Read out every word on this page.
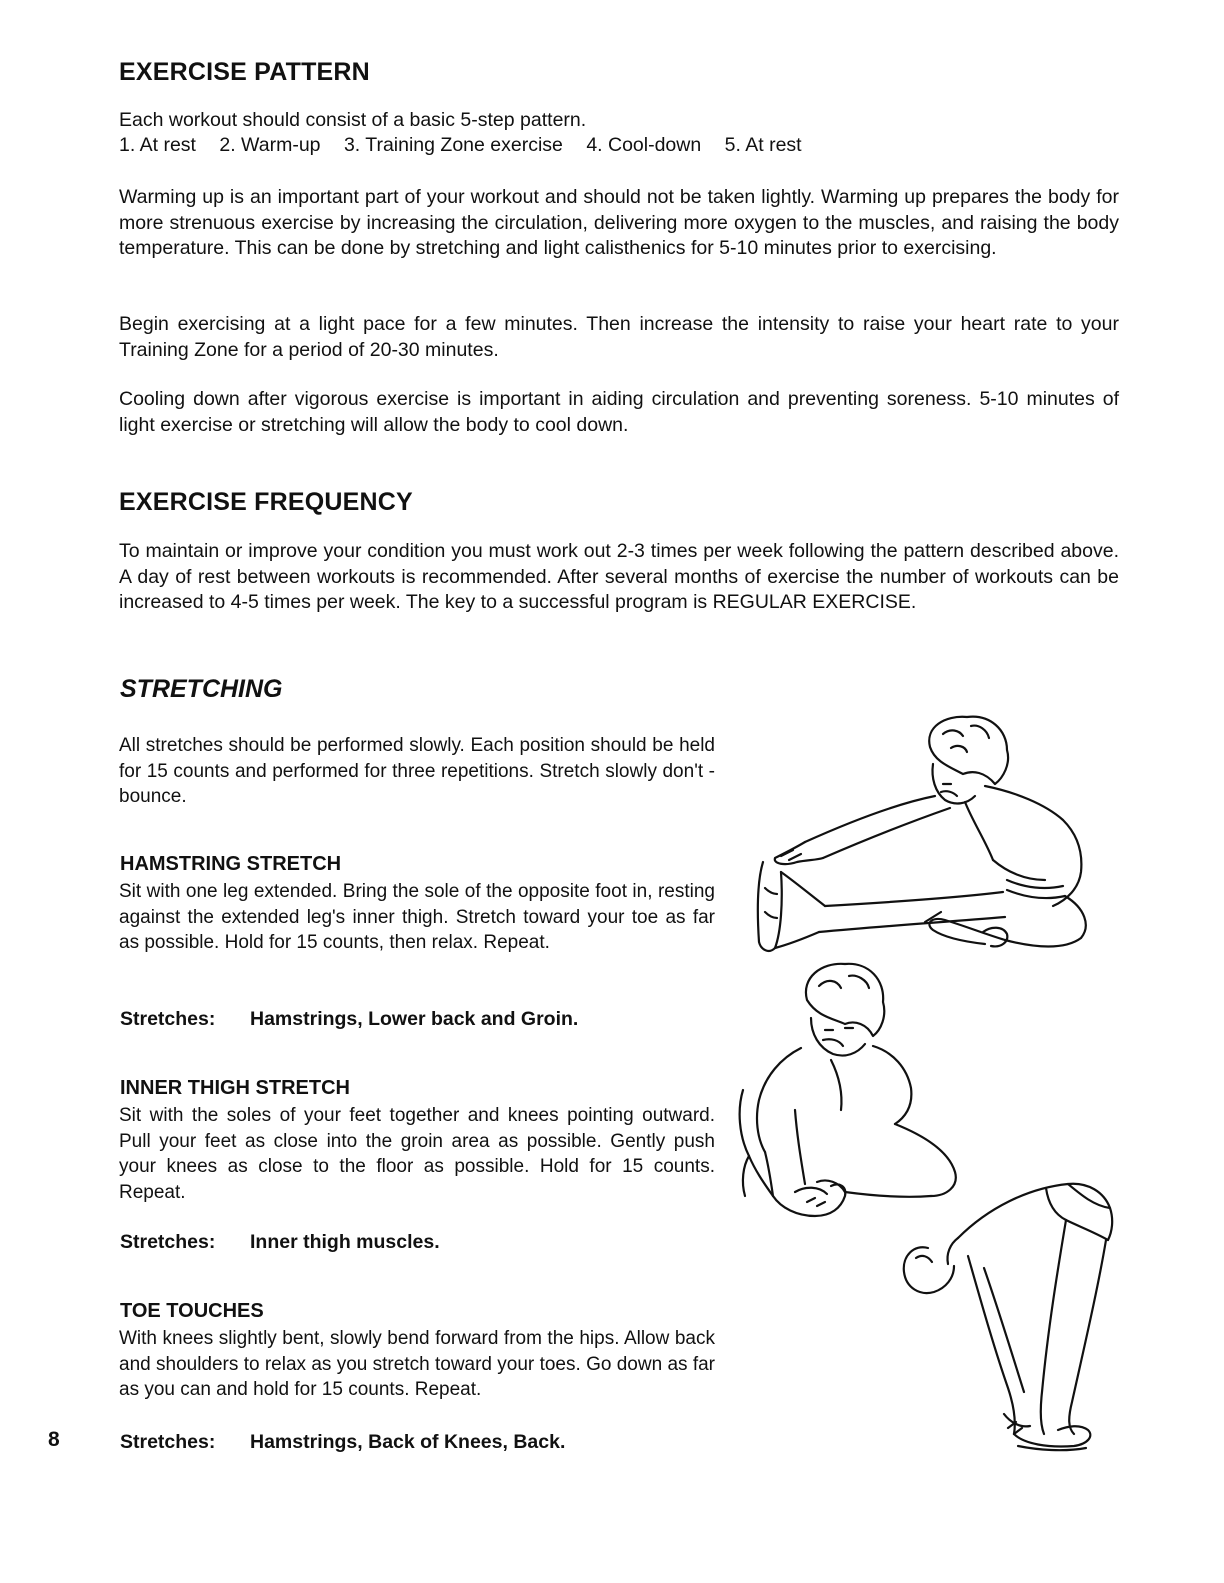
EXERCISE PATTERN

Each workout should consist of a basic 5-step pattern.

1. At rest 2. Warm-up 3. Training Zone exercise 4. Cool-down 5. At rest

Warming up is an important part of your workout and should not be taken lightly. Warming up prepares the body for more strenuous exercise by increasing the circulation, delivering more oxygen to the muscles, and raising the body temperature. This can be done by stretching and light calisthenics for 5-10 minutes prior to exercising.

Begin exercising at a light pace for a few minutes. Then increase the intensity to raise your heart rate to your Training Zone for a period of 20-30 minutes.

Cooling down after vigorous exercise is important in aiding circulation and preventing soreness. 5-10 minutes of light exercise or stretching will allow the body to cool down.

EXERCISE FREQUENCY

To maintain or improve your condition you must work out 2-3 times per week following the pattern described above. A day of rest between workouts is recommended. After several months of exercise the number of workouts can be increased to 4-5 times per week. The key to a successful program is REGULAR EXERCISE.

STRETCHING

All stretches should be performed slowly. Each position should be held for 15 counts and performed for three repetitions. Stretch slowly don't - bounce.

HAMSTRING STRETCH

Sit with one leg extended. Bring the sole of the opposite foot in, resting against the extended leg's inner thigh. Stretch toward your toe as far as possible. Hold for 15 counts, then relax. Repeat.

Stretches: Hamstrings, Lower back and Groin.

INNER THIGH STRETCH

Sit with the soles of your feet together and knees pointing outward. Pull your feet as close into the groin area as possible. Gently push your knees as close to the floor as possible. Hold for 15 counts. Repeat.

Stretches: Inner thigh muscles.

TOE TOUCHES

With knees slightly bent, slowly bend forward from the hips. Allow back and shoulders to relax as you stretch toward your toes. Go down as far as you can and hold for 15 counts. Repeat.

Stretches: Hamstrings, Back of Knees, Back.

8
